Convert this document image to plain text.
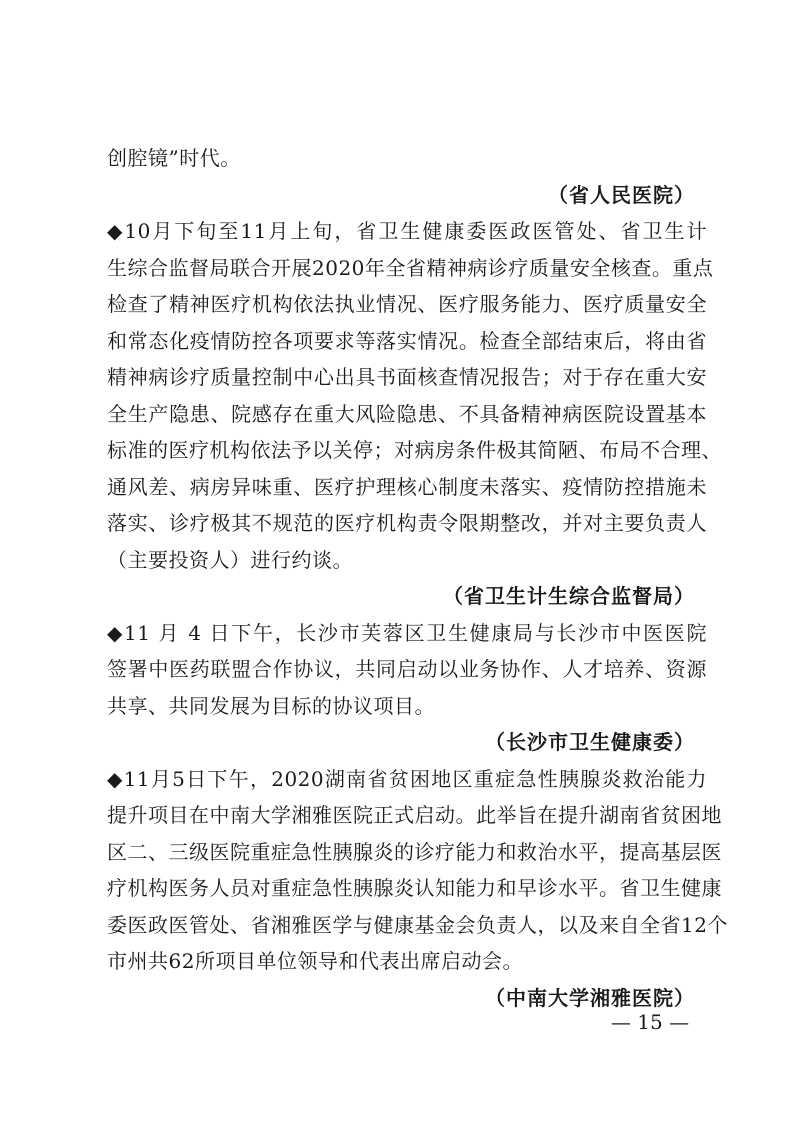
创腔镜”时代。
（省人民医院）
◆10月下旬至11月上旬，省卫生健康委医政医管处、省卫生计
生综合监督局联合开展2020年全省精神病诊疗质量安全核查。重点
检查了精神医疗机构依法执业情况、医疗服务能力、医疗质量安全
和常态化疫情防控各项要求等落实情况。检查全部结束后，将由省
精神病诊疗质量控制中心出具书面核查情况报告；对于存在重大安
全生产隐患、院感存在重大风险隐患、不具备精神病医院设置基本
标准的医疗机构依法予以关停；对病房条件极其简陋、布局不合理、
通风差、病房异味重、医疗护理核心制度未落实、疫情防控措施未
落实、诊疗极其不规范的医疗机构责令限期整改，并对主要负责人
（主要投资人）进行约谈。
（省卫生计生综合监督局）
◆11 月 4 日下午，长沙市芙蓉区卫生健康局与长沙市中医医院
签署中医药联盟合作协议，共同启动以业务协作、人才培养、资源
共享、共同发展为目标的协议项目。
（长沙市卫生健康委）
◆11月5日下午，2020湖南省贫困地区重症急性胰腺炎救治能力
提升项目在中南大学湘雅医院正式启动。此举旨在提升湖南省贫困地
区二、三级医院重症急性胰腺炎的诊疗能力和救治水平，提高基层医
疗机构医务人员对重症急性胰腺炎认知能力和早诊水平。省卫生健康
委医政医管处、省湘雅医学与健康基金会负责人，以及来自全省12个
市州共62所项目单位领导和代表出席启动会。
（中南大学湘雅医院）
— 15 —
